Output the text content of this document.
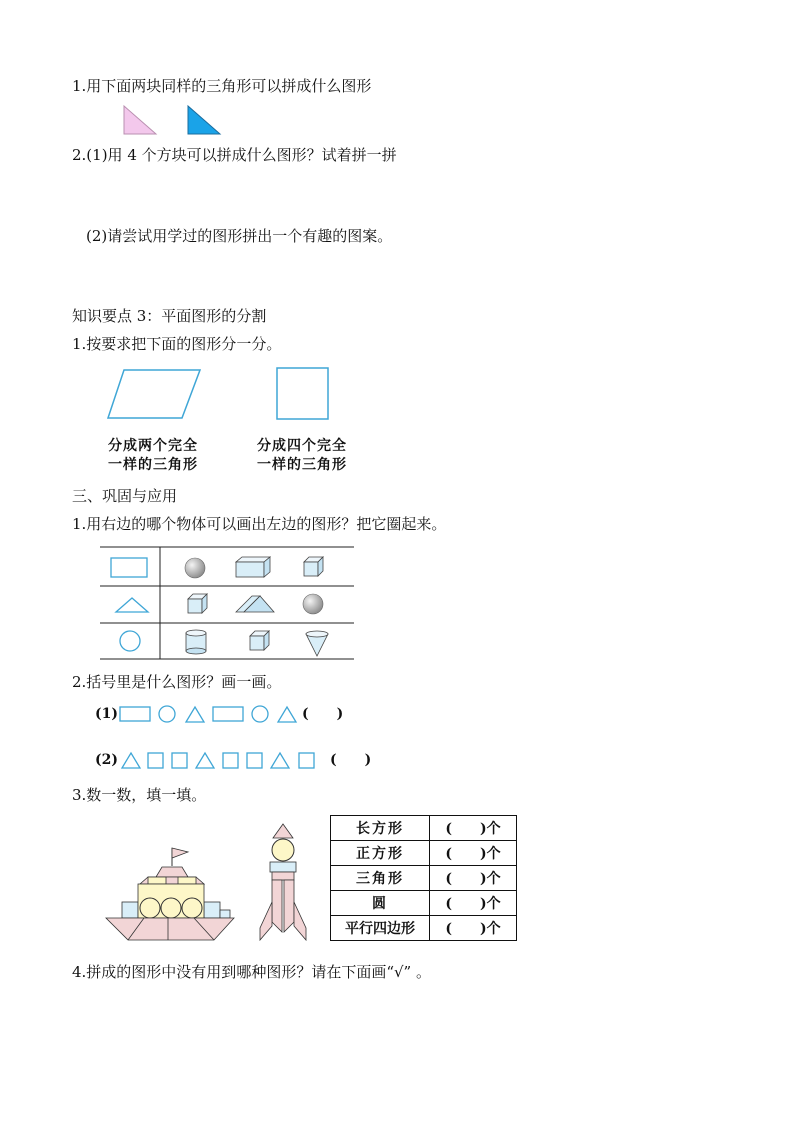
1.用下面两块同样的三角形可以拼成什么图形
2.(1)用 4 个方块可以拼成什么图形？试着拼一拼
(2)请尝试用学过的图形拼出一个有趣的图案。
知识要点 3：平面图形的分割
1.按要求把下面的图形分一分。
分成两个完全
一样的三角形
分成四个完全
一样的三角形
三、巩固与应用
1.用右边的哪个物体可以画出左边的图形？把它圈起来。
2.括号里是什么图形？画一画。
(1)	(　　)
(2)	(　　)
3.数一数，填一填。
长方形	(　　)个
正方形	(　　)个
三角形	(　　)个
圆	(　　)个
平行四边形	(　　)个
4.拼成的图形中没有用到哪种图形？请在下面画“√” 。
